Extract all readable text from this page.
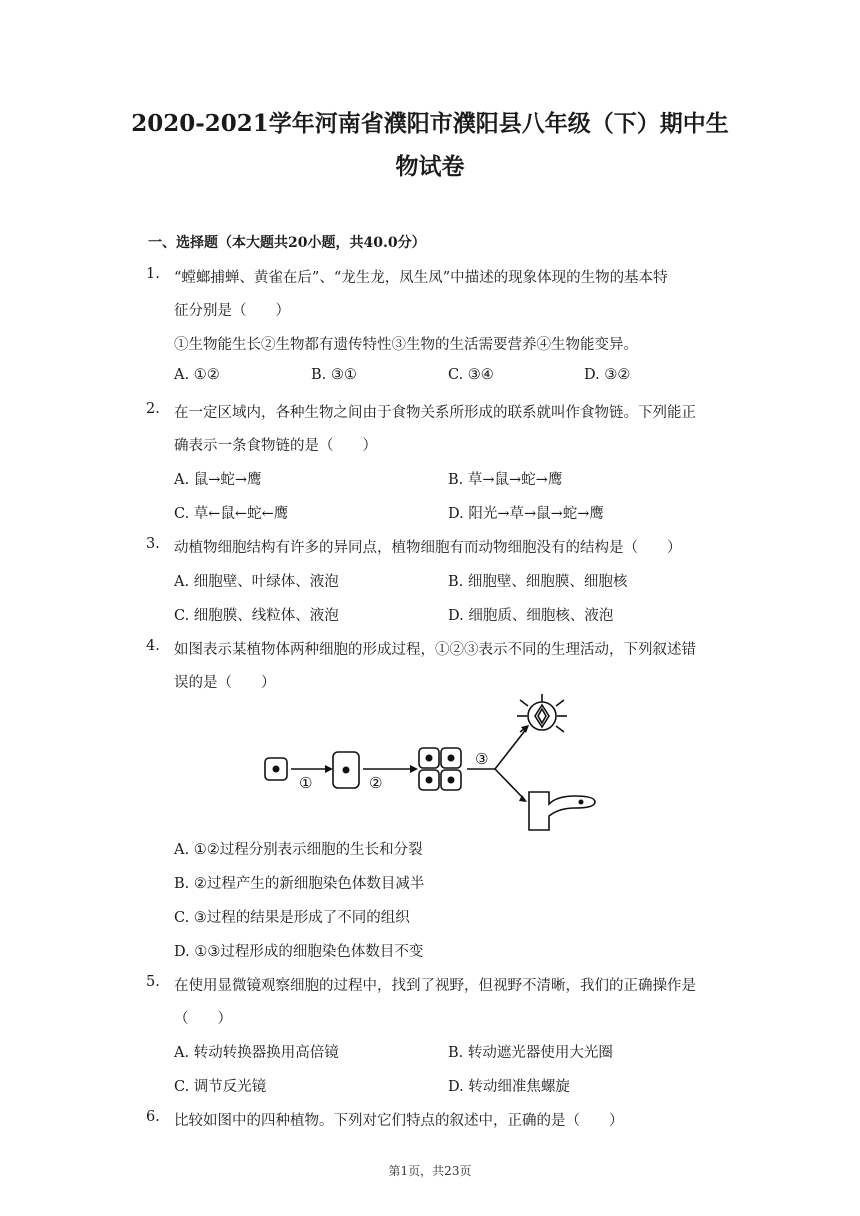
2020-2021学年河南省濮阳市濮阳县八年级（下）期中生
物试卷
一、选择题（本大题共20小题，共40.0分）
1. “螳螂捕蝉、黄雀在后”、“龙生龙，凤生凤”中描述的现象体现的生物的基本特
征分别是（　　）
①生物能生长②生物都有遗传特性③生物的生活需要营养④生物能变异。
A. ①②	B. ③①	C. ③④	D. ③②
2. 在一定区域内，各种生物之间由于食物关系所形成的联系就叫作食物链。下列能正
确表示一条食物链的是（　　）
A. 鼠→蛇→鹰	B. 草→鼠→蛇→鹰
C. 草←鼠←蛇←鹰	D. 阳光→草→鼠→蛇→鹰
3. 动植物细胞结构有许多的异同点，植物细胞有而动物细胞没有的结构是（　　）
A. 细胞壁、叶绿体、液泡	B. 细胞壁、细胞膜、细胞核
C. 细胞膜、线粒体、液泡	D. 细胞质、细胞核、液泡
4. 如图表示某植物体两种细胞的形成过程，①②③表示不同的生理活动，下列叙述错
误的是（　　）
①	②
③
A. ①②过程分别表示细胞的生长和分裂
B. ②过程产生的新细胞染色体数目减半
C. ③过程的结果是形成了不同的组织
D. ①③过程形成的细胞染色体数目不变
5. 在使用显微镜观察细胞的过程中，找到了视野，但视野不清晰，我们的正确操作是
（　　）
A. 转动转换器换用高倍镜	B. 转动遮光器使用大光圈
C. 调节反光镜	D. 转动细准焦螺旋
6. 比较如图中的四种植物。下列对它们特点的叙述中，正确的是（　　）
第1页，共23页
